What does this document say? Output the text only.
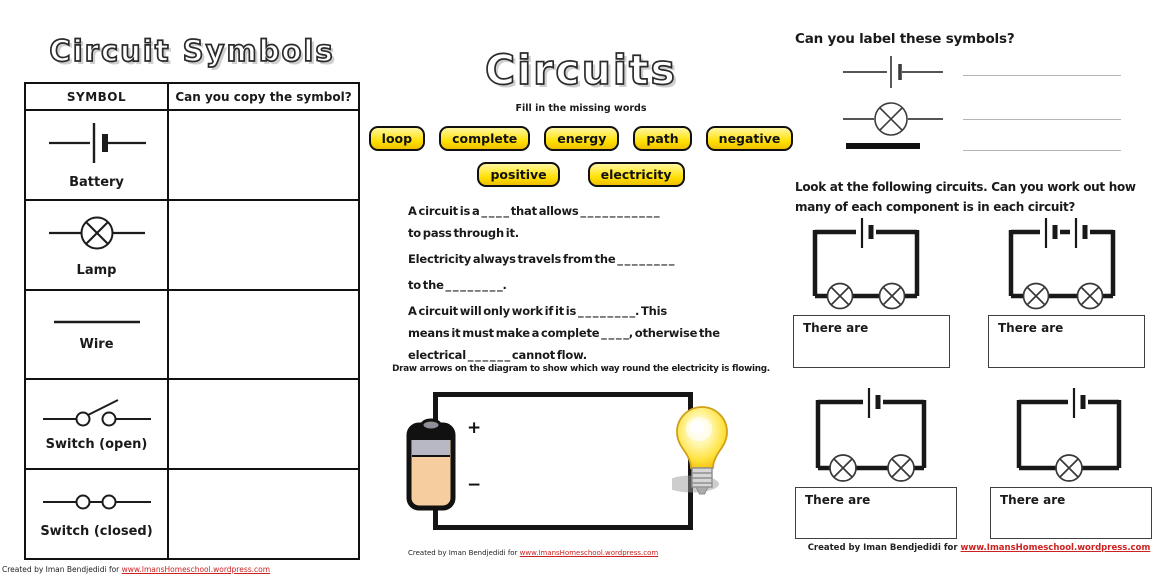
Circuit Symbols
SYMBOL	Can you copy the symbol?
Battery
Lamp
Wire
Switch (open)
Switch (closed)
Created by Iman Bendjedidi for www.ImansHomeschool.wordpress.com
Circuits
Fill in the missing words
loop	complete	energy	path	negative
positive	electricity
A circuit is a _ _ _ _ that allows _ _ _ _ _ _ _ _ _ _ _
to pass through it.
Electricity always travels from the _ _ _ _ _ _ _ _
to the _ _ _ _ _ _ _ _.
A circuit will only work if it is _ _ _ _ _ _ _ _. This
means it must make a complete _ _ _ _, otherwise the
electrical _ _ _ _ _ _ cannot flow.
Draw arrows on the diagram to show which way round the electricity is flowing.
+
−
Created by Iman Bendjedidi for www.ImansHomeschool.wordpress.com
Can you label these symbols?
Look at the following circuits. Can you work out how
many of each component is in each circuit?
There are	There are
There are	There are
Created by Iman Bendjedidi for www.ImansHomeschool.wordpress.com
